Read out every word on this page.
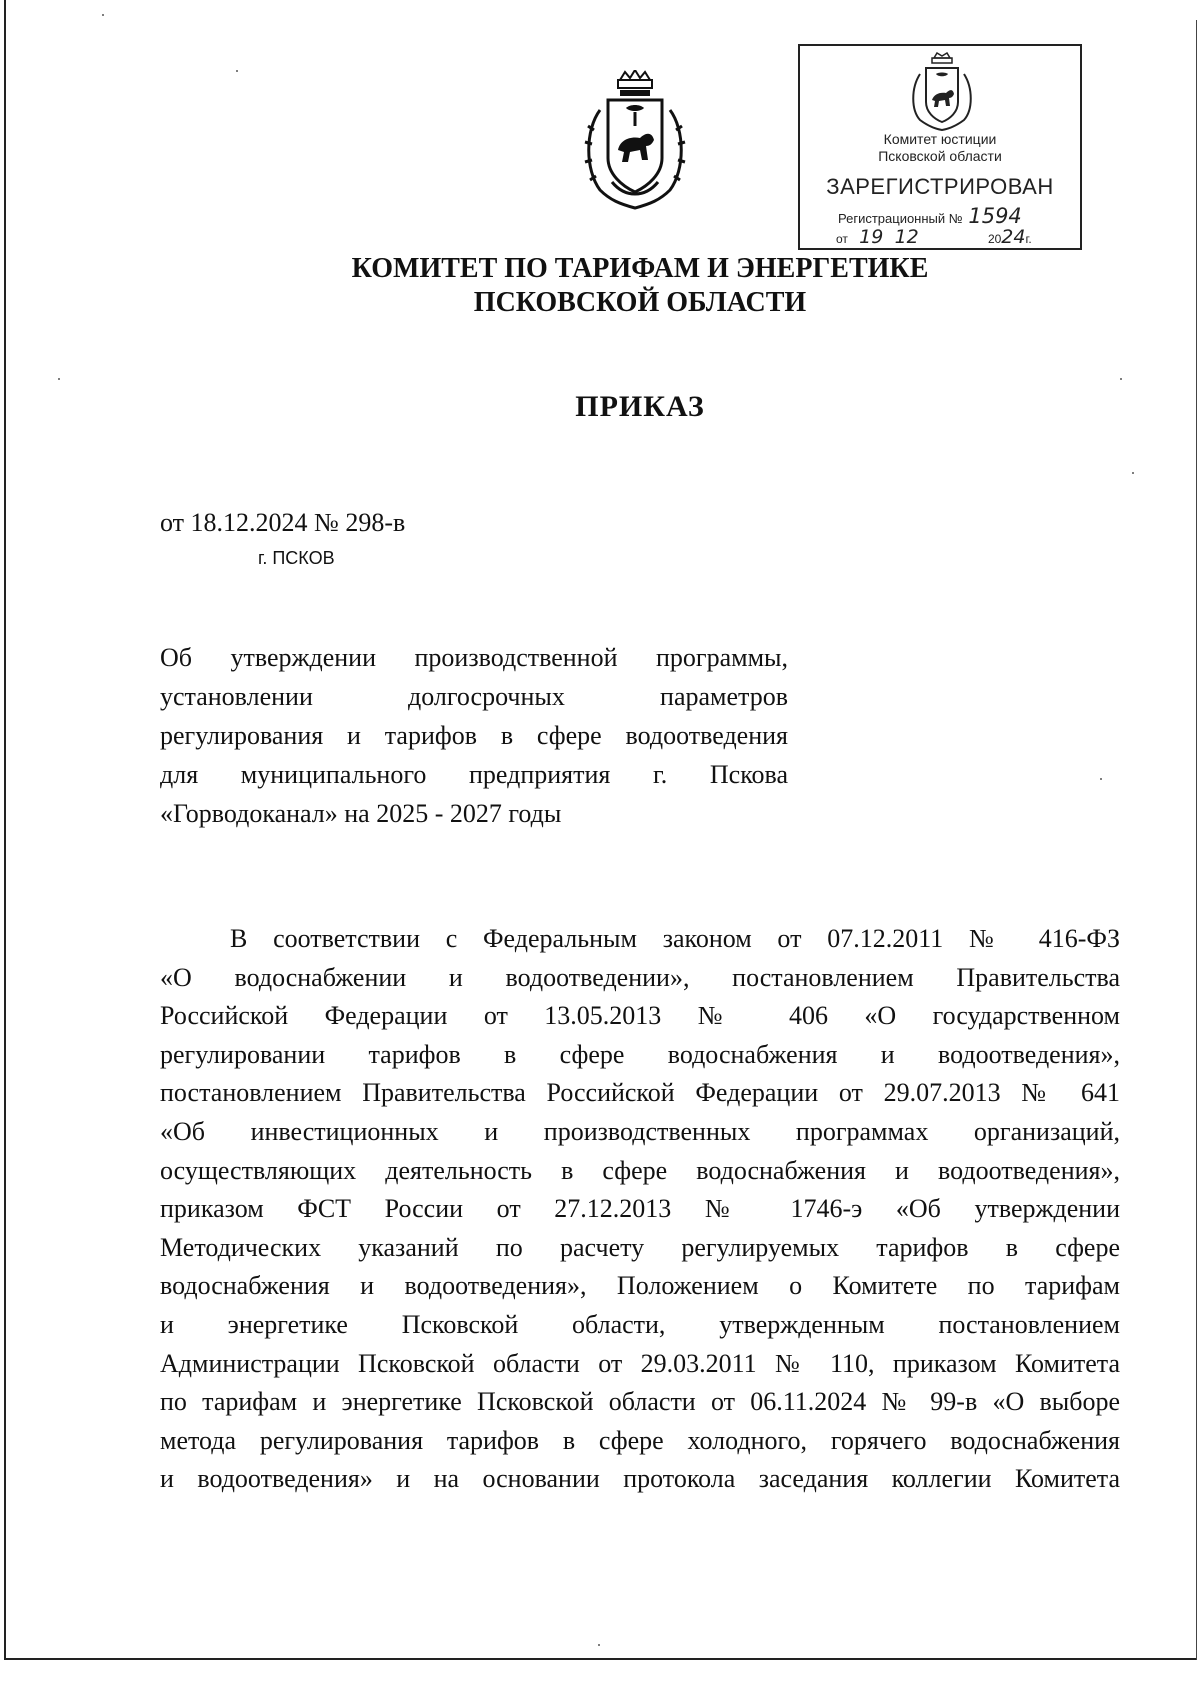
Комитет юстиции
Псковской области
ЗАРЕГИСТРИРОВАН
Регистрационный № 1594
от 19 12	2024г.
КОМИТЕТ ПО ТАРИФАМ И ЭНЕРГЕТИКЕ
ПСКОВСКОЙ ОБЛАСТИ
ПРИКАЗ
от 18.12.2024 № 298-в
г. ПСКОВ
Об утверждении производственной программы,
установлении долгосрочных параметров
регулирования и тарифов в сфере водоотведения
для муниципального предприятия г. Пскова
«Горводоканал» на 2025 - 2027 годы
В соответствии с Федеральным законом от 07.12.2011 № 416-ФЗ
«О водоснабжении и водоотведении», постановлением Правительства
Российской Федерации от 13.05.2013 № 406 «О государственном
регулировании тарифов в сфере водоснабжения и водоотведения»,
постановлением Правительства Российской Федерации от 29.07.2013 № 641
«Об инвестиционных и производственных программах организаций,
осуществляющих деятельность в сфере водоснабжения и водоотведения»,
приказом ФСТ России от 27.12.2013 № 1746-э «Об утверждении
Методических указаний по расчету регулируемых тарифов в сфере
водоснабжения и водоотведения», Положением о Комитете по тарифам
и энергетике Псковской области, утвержденным постановлением
Администрации Псковской области от 29.03.2011 № 110, приказом Комитета
по тарифам и энергетике Псковской области от 06.11.2024 № 99-в «О выборе
метода регулирования тарифов в сфере холодного, горячего водоснабжения
и водоотведения» и на основании протокола заседания коллегии Комитета
